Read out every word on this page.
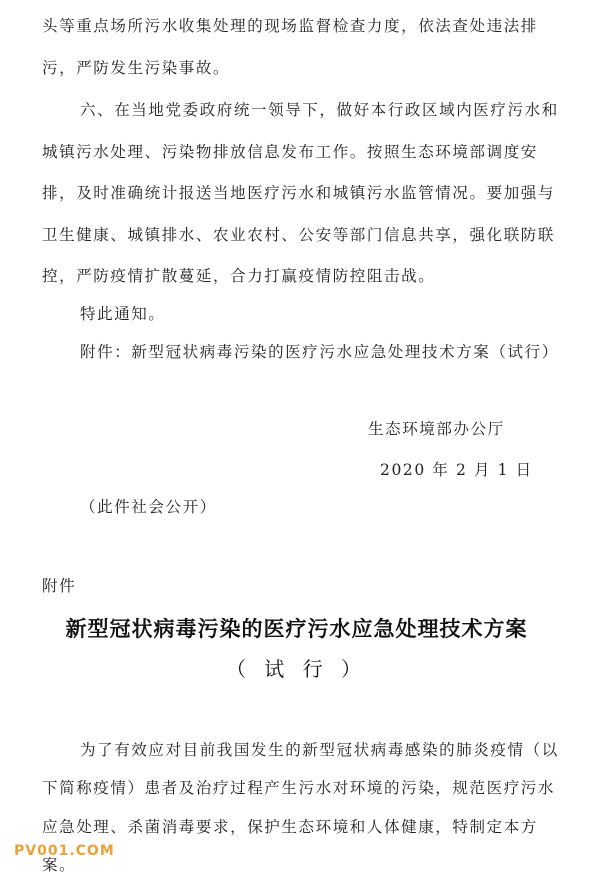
头等重点场所污水收集处理的现场监督检查力度，依法查处违法排
污，严防发生污染事故。
六、在当地党委政府统一领导下，做好本行政区域内医疗污水和
城镇污水处理、污染物排放信息发布工作。按照生态环境部调度安
排，及时准确统计报送当地医疗污水和城镇污水监管情况。要加强与
卫生健康、城镇排水、农业农村、公安等部门信息共享，强化联防联
控，严防疫情扩散蔓延，合力打赢疫情防控阻击战。
特此通知。
附件：新型冠状病毒污染的医疗污水应急处理技术方案（试行）
生态环境部办公厅
2020 年 2 月 1 日
（此件社会公开）
附件
新型冠状病毒污染的医疗污水应急处理技术方案
（ 试 行 ）
为了有效应对目前我国发生的新型冠状病毒感染的肺炎疫情（以
下简称疫情）患者及治疗过程产生污水对环境的污染，规范医疗污水
应急处理、杀菌消毒要求，保护生态环境和人体健康，特制定本方
案。
PV001.COM
